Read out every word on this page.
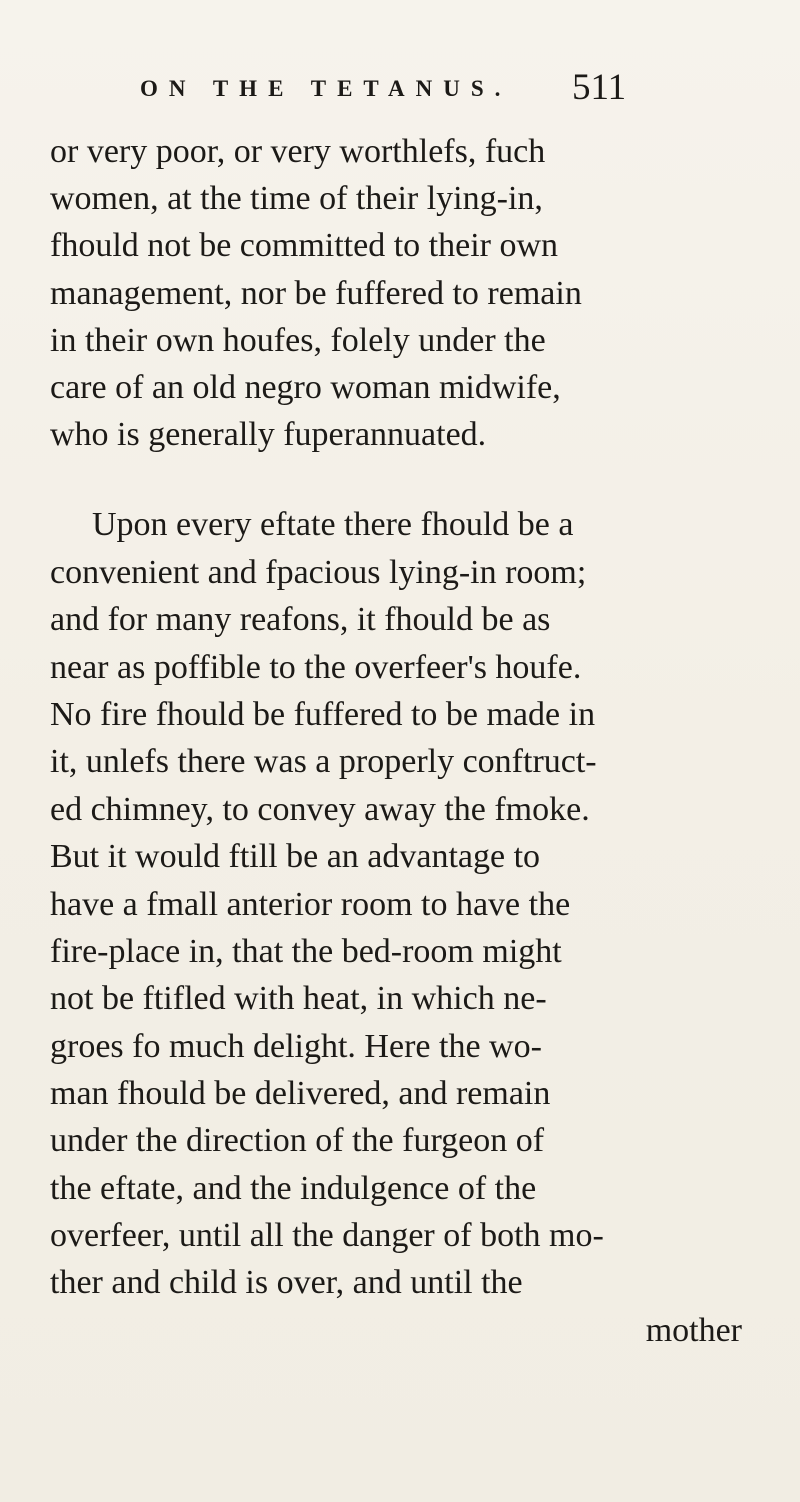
ON THE TETANUS. 511
or very poor, or very worthlefs, fuch
women, at the time of their lying-in,
fhould not be committed to their own
management, nor be fuffered to remain
in their own houfes, folely under the
care of an old negro woman midwife,
who is generally fuperannuated.
Upon every eftate there fhould be a
convenient and fpacious lying-in room;
and for many reafons, it fhould be as
near as poffible to the overfeer's houfe.
No fire fhould be fuffered to be made in
it, unlefs there was a properly conftruct-
ed chimney, to convey away the fmoke.
But it would ftill be an advantage to
have a fmall anterior room to have the
fire-place in, that the bed-room might
not be ftifled with heat, in which ne-
groes fo much delight. Here the wo-
man fhould be delivered, and remain
under the direction of the furgeon of
the eftate, and the indulgence of the
overfeer, until all the danger of both mo-
ther and child is over, and until the
mother
